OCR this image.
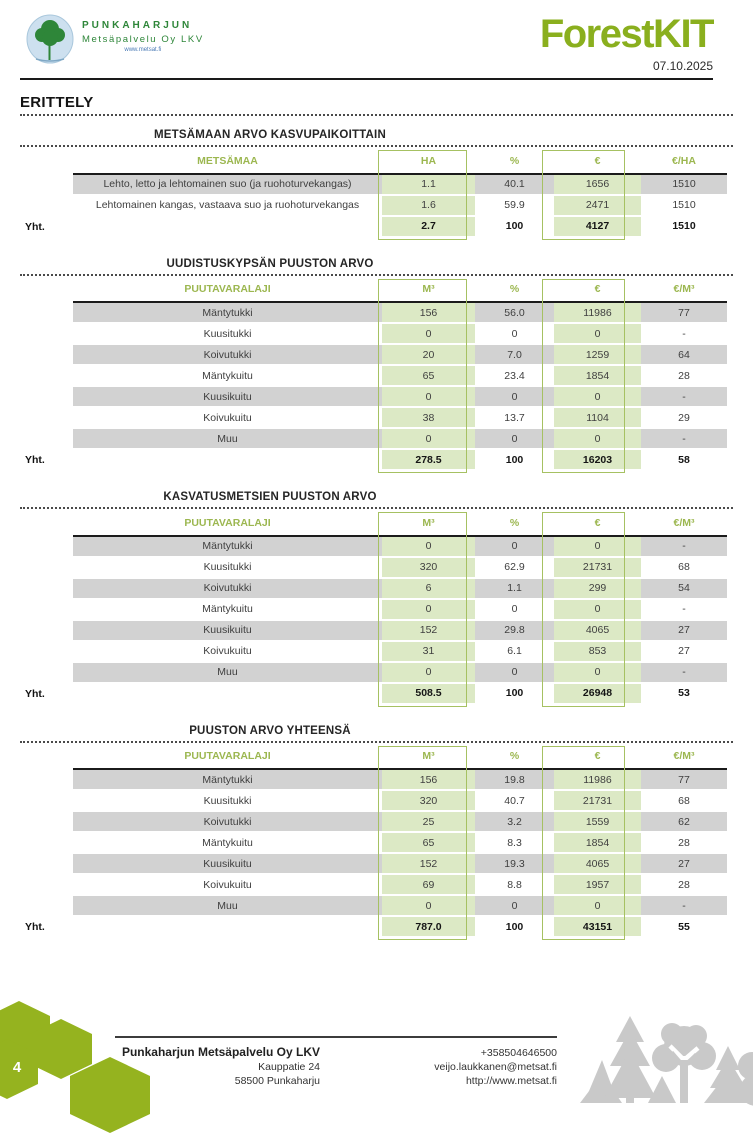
PUNKAHARJUN
Metsäpalvelu Oy LKV
www.metsat.fi	ForestKIT
07.10.2025
ERITTELY
METSÄMAAN ARVO KASVUPAIKOITTAIN
METSÄMAA	HA	%	€	€/HA
Lehto, letto ja lehtomainen suo (ja ruohoturvekangas)	1.1	40.1	1656	1510
Lehtomainen kangas, vastaava suo ja ruohoturvekangas	1.6	59.9	2471	1510

Yht.	2.7	100	4127	1510
UUDISTUSKYPSÄN PUUSTON ARVO
PUUTAVARALAJI	M³	%	€	€/M³
Mäntytukki	156	56.0	11986	77
Kuusitukki	0	0	0	-
Koivutukki	20	7.0	1259	64
Mäntykuitu	65	23.4	1854	28
Kuusikuitu	0	0	0	-
Koivukuitu	38	13.7	1104	29
Muu	0	0	0	-

Yht.	278.5	100	16203	58
KASVATUSMETSIEN PUUSTON ARVO
PUUTAVARALAJI	M³	%	€	€/M³
Mäntytukki	0	0	0	-
Kuusitukki	320	62.9	21731	68
Koivutukki	6	1.1	299	54
Mäntykuitu	0	0	0	-
Kuusikuitu	152	29.8	4065	27
Koivukuitu	31	6.1	853	27
Muu	0	0	0	-

Yht.	508.5	100	26948	53
PUUSTON ARVO YHTEENSÄ
PUUTAVARALAJI	M³	%	€	€/M³
Mäntytukki	156	19.8	11986	77
Kuusitukki	320	40.7	21731	68
Koivutukki	25	3.2	1559	62
Mäntykuitu	65	8.3	1854	28
Kuusikuitu	152	19.3	4065	27
Koivukuitu	69	8.8	1957	28
Muu	0	0	0	-

Yht.	787.0	100	43151	55
Punkaharjun Metsäpalvelu Oy LKV
Kauppatie 24
58500 Punkaharju
+358504646500
veijo.laukkanen@metsat.fi
http://www.metsat.fi
4
